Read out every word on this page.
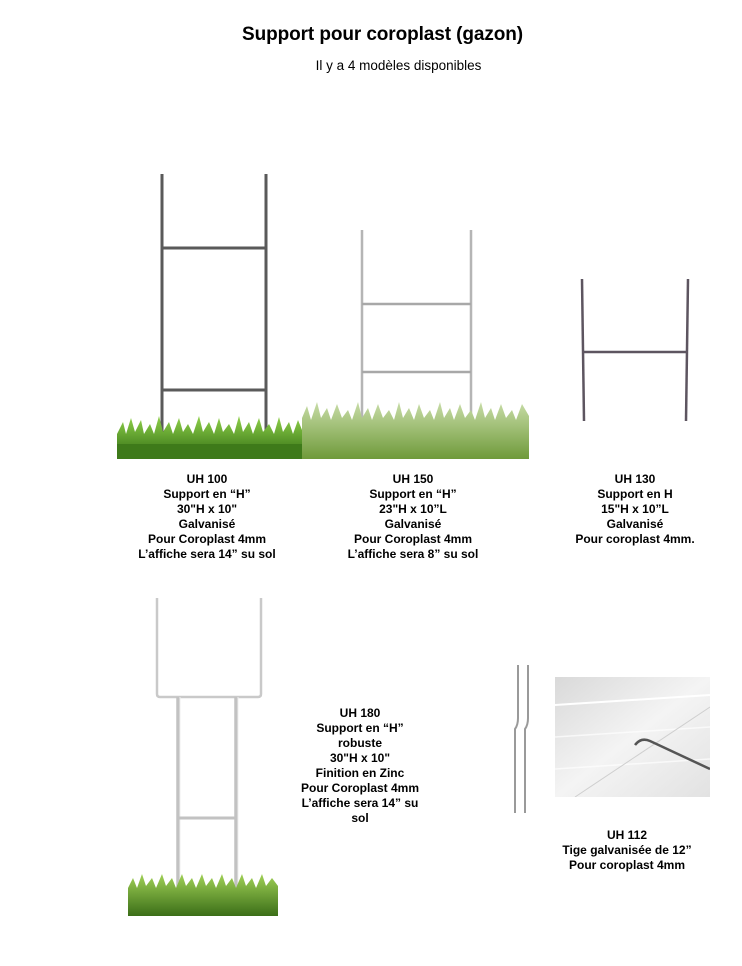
Support pour coroplast (gazon)
Il y a 4 modèles disponibles
UH 100
Support en “H”
30"H x 10"
Galvanisé
Pour Coroplast 4mm
L’affiche sera 14” su sol
UH 150
Support en “H”
23"H x 10”L
Galvanisé
Pour Coroplast 4mm
L’affiche sera 8” su sol
UH 130
Support en H
15"H x 10”L
Galvanisé
Pour coroplast 4mm.
UH 180
Support en “H”
robuste
30"H x 10"
Finition en Zinc
Pour Coroplast 4mm
L’affiche sera 14” su
sol
UH 112
Tige galvanisée de 12”
Pour coroplast 4mm
